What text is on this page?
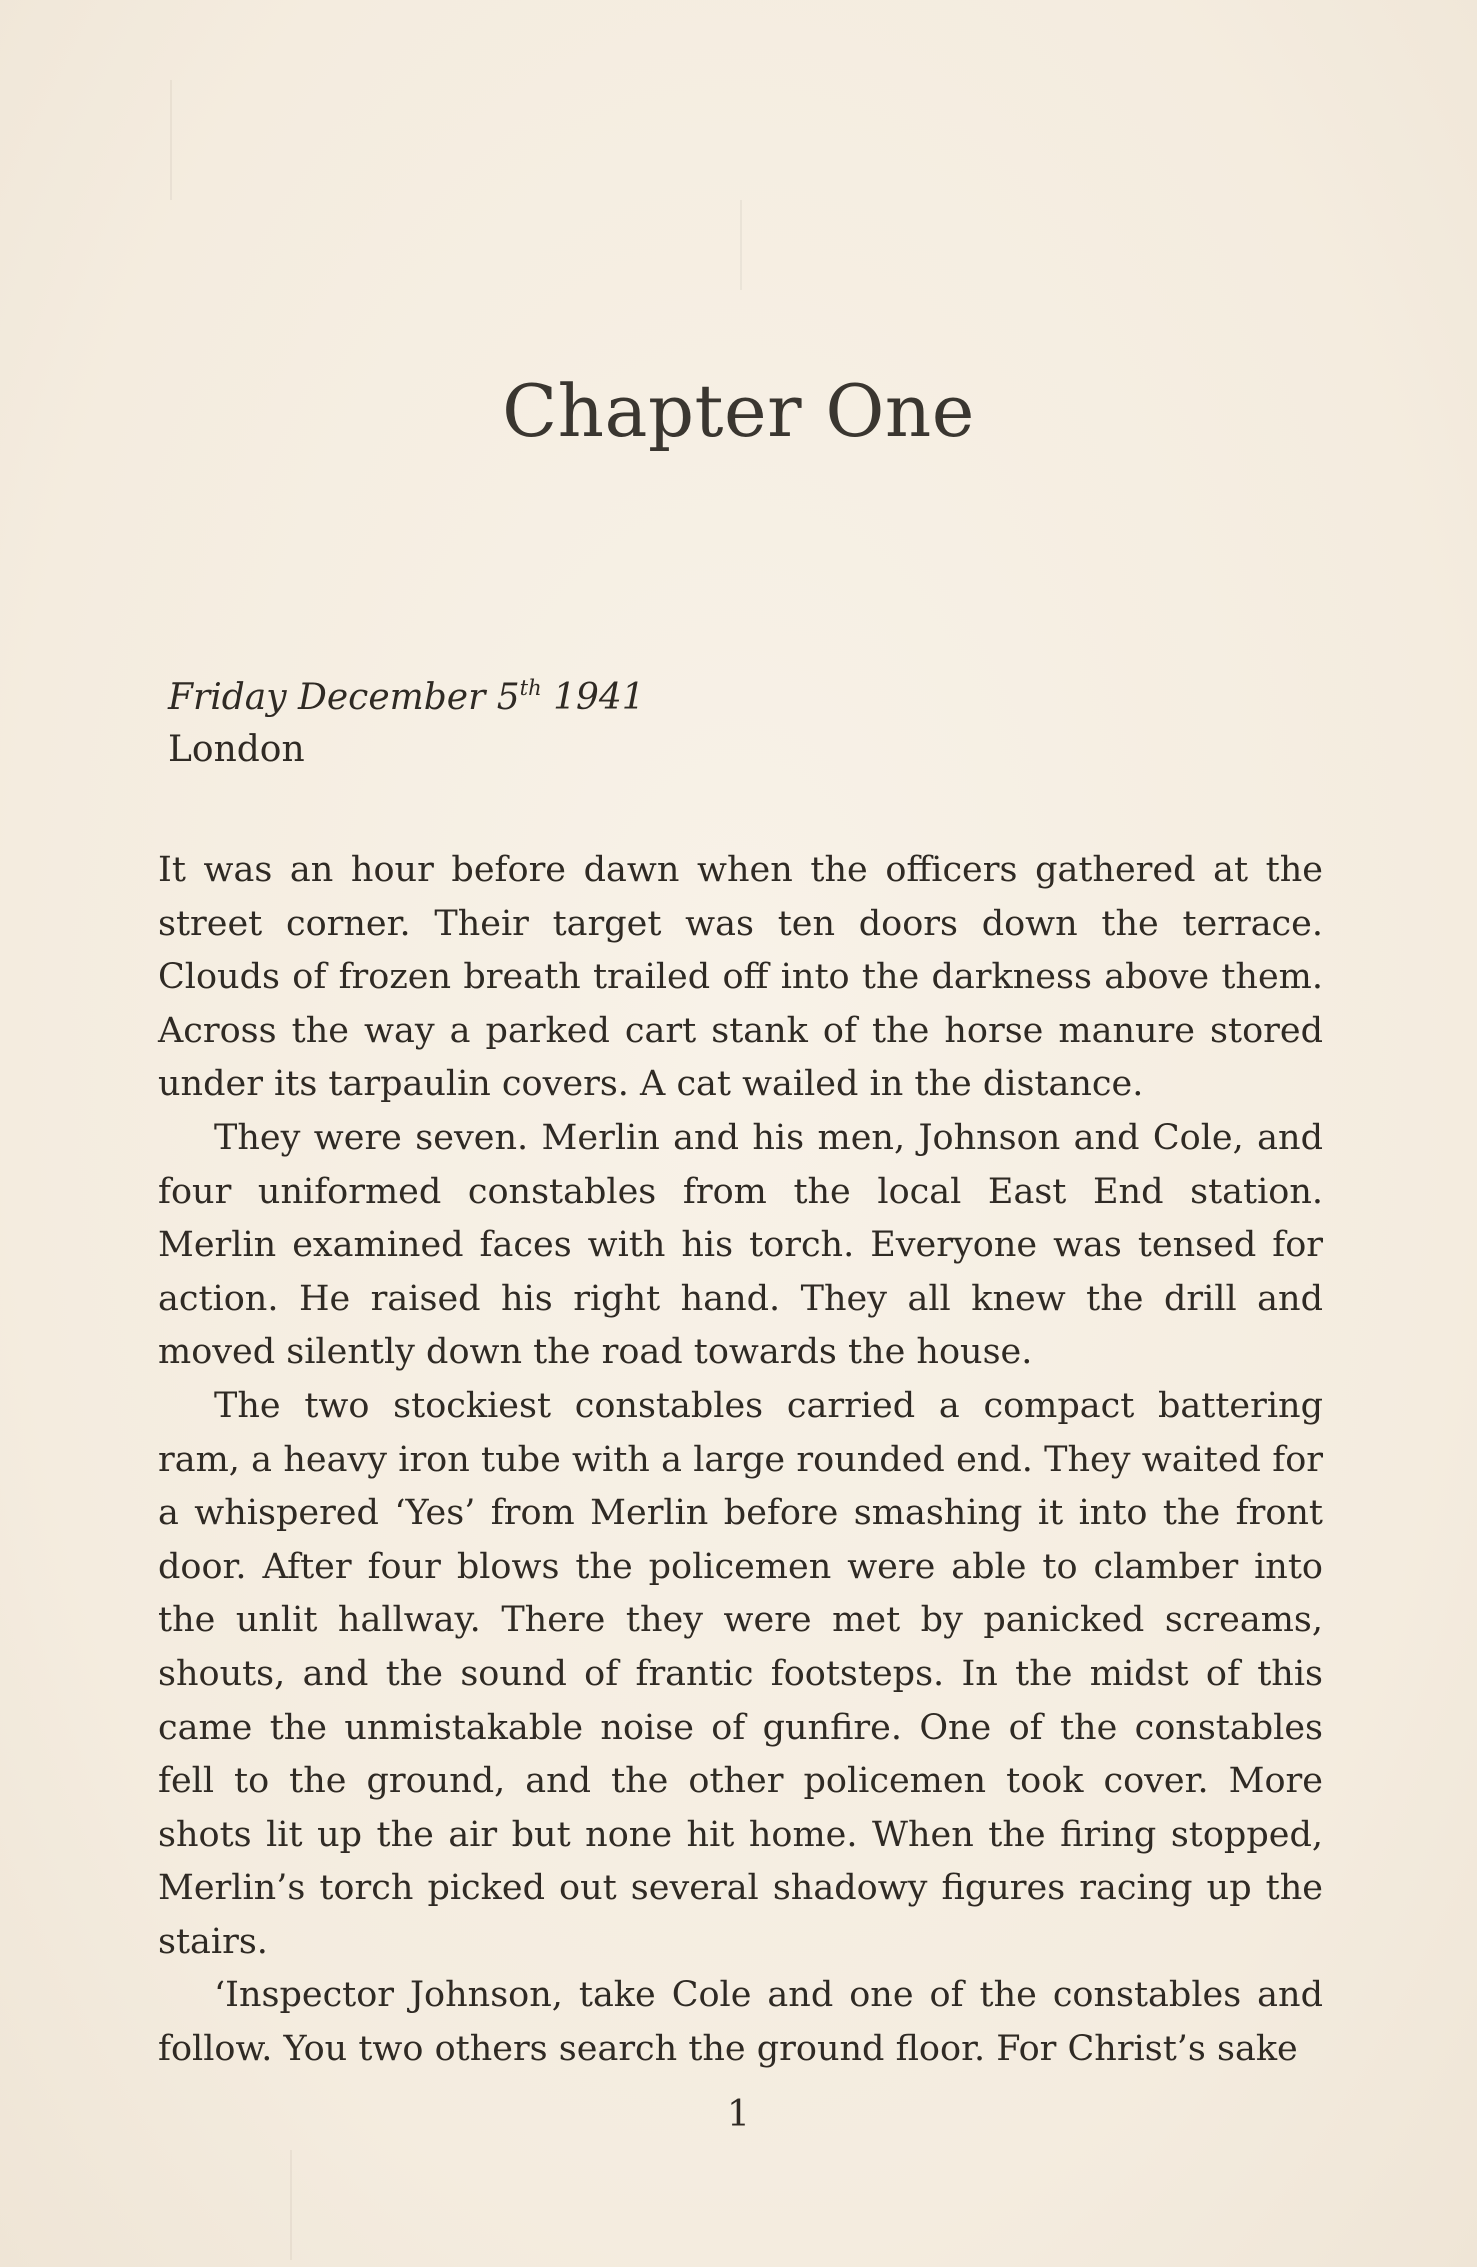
Chapter One
Friday December 5th 1941
London

It was an hour before dawn when the officers gathered at the street corner. Their target was ten doors down the terrace. Clouds of frozen breath trailed off into the darkness above them. Across the way a parked cart stank of the horse manure stored under its tarpaulin covers. A cat wailed in the distance.

They were seven. Merlin and his men, Johnson and Cole, and four uniformed constables from the local East End station. Merlin examined faces with his torch. Everyone was tensed for action. He raised his right hand. They all knew the drill and moved silently down the road towards the house.

The two stockiest constables carried a compact battering ram, a heavy iron tube with a large rounded end. They waited for a whispered ‘Yes’ from Merlin before smashing it into the front door. After four blows the policemen were able to clamber into the unlit hallway. There they were met by panicked screams, shouts, and the sound of frantic footsteps. In the midst of this came the unmistakable noise of gunfire. One of the constables fell to the ground, and the other policemen took cover. More shots lit up the air but none hit home. When the firing stopped, Merlin’s torch picked out several shadowy figures racing up the stairs.

‘Inspector Johnson, take Cole and one of the constables and follow. You two others search the ground floor. For Christ’s sake

1
